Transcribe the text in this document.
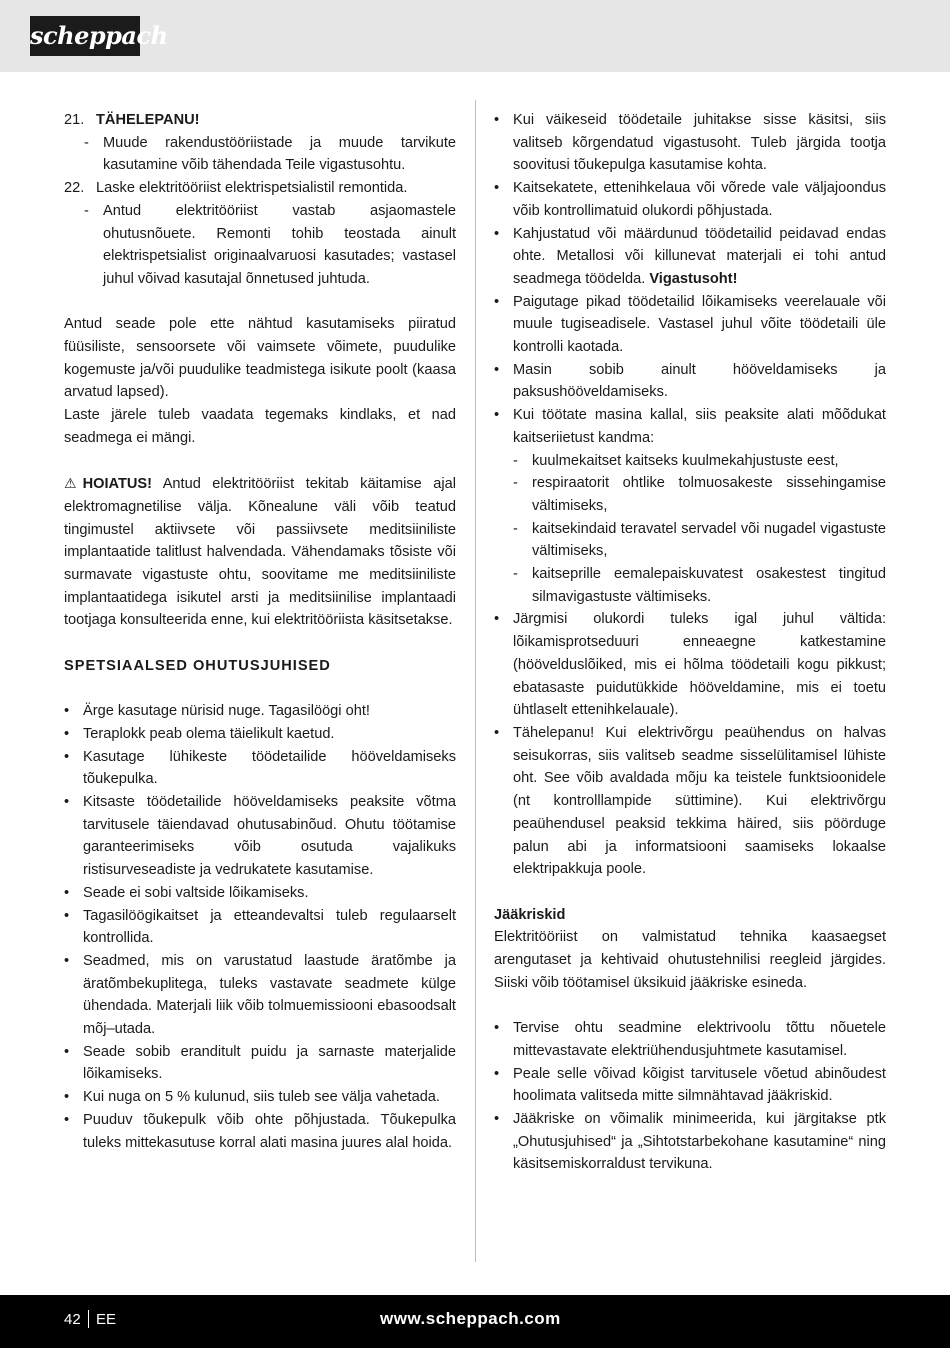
scheppach
21. TÄHELEPANU!
- Muude rakendustööriistade ja muude tarvikute kasutamine võib tähendada Teile vigastusohtu.
22. Laske elektritööriist elektrispetsialistil remontida.
- Antud elektritööriist vastab asjaomastele ohutusnõuete. Remonti tohib teostada ainult elektrispetsialist originaalvaruosi kasutades; vastasel juhul võivad kasutajal õnnetused juhtuda.

Antud seade pole ette nähtud kasutamiseks piiratud füüsiliste, sensoorsete või vaimsete võimete, puudulike kogemuste ja/või puudulike teadmistega isikute poolt (kaasa arvatud lapsed).

Laste järele tuleb vaadata tegemaks kindlaks, et nad seadmega ei mängi.

⚠ HOIATUS! Antud elektritööriist tekitab käitamise ajal elektromagnetilise välja. Kõnealune väli võib teatud tingimustel aktiivsete või passiivsete meditsiiniliste implantaatide talitlust halvendada. Vähendamaks tõsiste või surmavate vigastuste ohtu, soovitame me meditsiiniliste implantaatidega isikutel arsti ja meditsiinilise implantaadi tootjaga konsulteerida enne, kui elektritööriista käsitsetakse.

SPETSIAALSED OHUTUSJUHISED
• Ärge kasutage nürisid nuge. Tagasilöögi oht!
• Teraplokk peab olema täielikult kaetud.
• Kasutage lühikeste töödetailide hööveldamiseks tõukepulka.
• Kitsaste töödetailide hööveldamiseks peaksite võtma tarvitusele täiendavad ohutusabinõud. Ohutu töötamise garanteerimiseks võib osutuda vajalikuks ristisurveseadiste ja vedrukatete kasutamise.
• Seade ei sobi valtside lõikamiseks.
• Tagasilöögikaitset ja etteandevaltsi tuleb regulaarselt kontrollida.
• Seadmed, mis on varustatud laastude äratõmbe ja äratõmbekuplitega, tuleks vastavate seadmete külge ühendada. Materjali liik võib tolmuemissiooni ebasoodsalt mõj–utada.
• Seade sobib eranditult puidu ja sarnaste materjalide lõikamiseks.
• Kui nuga on 5 % kulunud, siis tuleb see välja vahetada.
• Puuduv tõukepulk võib ohte põhjustada. Tõukepulka tuleks mittekasutuse korral alati masina juures alal hoida.
• Kui väikeseid töödetaile juhitakse sisse käsitsi, siis valitseb kõrgendatud vigastusoht. Tuleb järgida tootja soovitusi tõukepulga kasutamise kohta.
• Kaitsekatete, ettenihkelaua või võrede vale väljajoondus võib kontrollimatuid olukordi põhjustada.
• Kahjustatud või määrdunud töödetailid peidavad endas ohte. Metallosi või killunevat materjali ei tohi antud seadmega töödelda. Vigastusoht!
• Paigutage pikad töödetailid lõikamiseks veerelauale või muule tugiseadisele. Vastasel juhul võite töödetaili üle kontrolli kaotada.
• Masin sobib ainult hööveldamiseks ja paksushööveldamiseks.
• Kui töötate masina kallal, siis peaksite alati mõõdukat kaitseriietust kandma:
- kuulmekaitset kaitseks kuulmekahjustuste eest,
- respiraatorit ohtlike tolmuosakeste sissehingamise vältimiseks,
- kaitsekindaid teravatel servadel või nugadel vigastuste vältimiseks,
- kaitseprille eemalepaiskuvatest osakestest tingitud silmavigastuste vältimiseks.
• Järgmisi olukordi tuleks igal juhul vältida: lõikamisprotseduuri enneaegne katkestamine (höövelduslõiked, mis ei hõlma töödetaili kogu pikkust; ebatasaste puidutükkide hööveldamine, mis ei toetu ühtlaselt ettenihkelauale).
• Tähelepanu! Kui elektrivõrgu peaühendus on halvas seisukorras, siis valitseb seadme sisselülitamisel lühiste oht. See võib avaldada mõju ka teistele funktsioonidele (nt kontrolllampide süttimine). Kui elektrivõrgu peaühendusel peaksid tekkima häired, siis pöörduge palun abi ja informatsiooni saamiseks lokaalse elektripakkuja poole.
Jääkriskid

Elektritööriist on valmistatud tehnika kaasaegset arengutaset ja kehtivaid ohutustehnilisi reegleid järgides. Siiski võib töötamisel üksikuid jääkriske esineda.

• Tervise ohtu seadmine elektrivoolu tõttu nõuetele mittevastavate elektriühendusjuhtmete kasutamisel.
• Peale selle võivad kõigist tarvitusele võetud abinõudest hoolimata valitseda mitte silmnähtavad jääkriskid.
• Jääkriske on võimalik minimeerida, kui järgitakse ptk „Ohutusjuhised“ ja „Sihtotstarbekohane kasutamine“ ning käsitsemiskorraldust tervikuna.
42 EE	www.scheppach.com
